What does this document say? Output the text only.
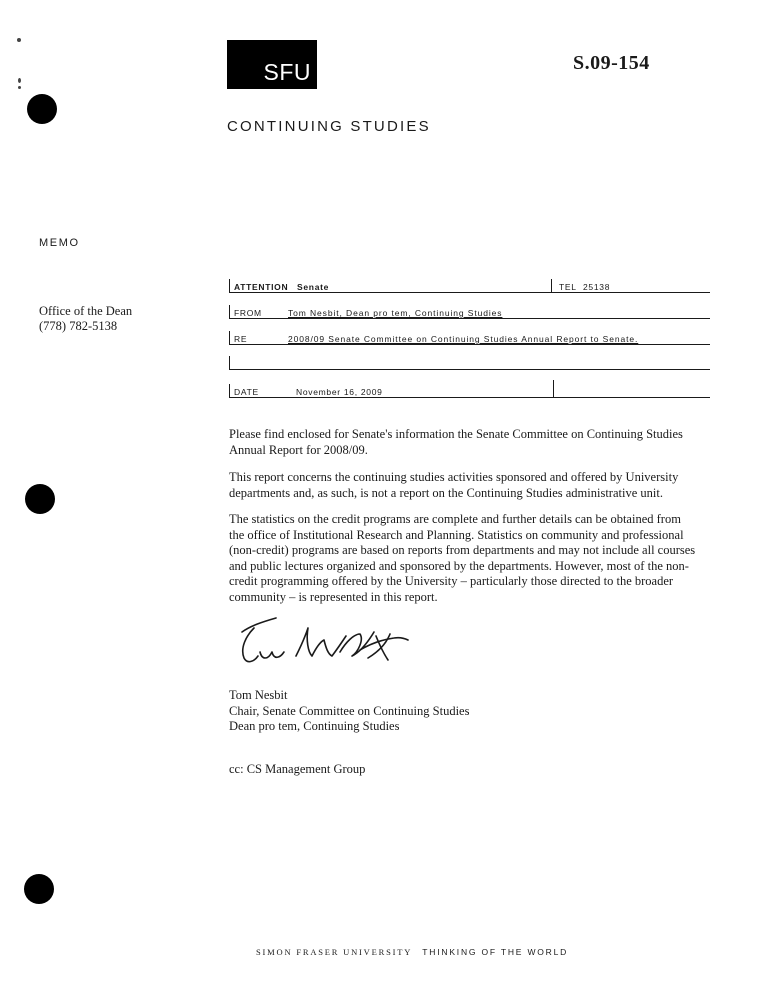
SFU	S.09-154
CONTINUING STUDIES
MEMO
Office of the Dean
(778) 782-5138
ATTENTION Senate	TEL 25138
FROM	Tom Nesbit, Dean pro tem, Continuing Studies
RE	2008/09 Senate Committee on Continuing Studies Annual Report to Senate.
DATE	November 16, 2009
Please find enclosed for Senate's information the Senate Committee on Continuing Studies Annual Report for 2008/09.
This report concerns the continuing studies activities sponsored and offered by University departments and, as such, is not a report on the Continuing Studies administrative unit.
The statistics on the credit programs are complete and further details can be obtained from the office of Institutional Research and Planning. Statistics on community and professional (non-credit) programs are based on reports from departments and may not include all courses and public lectures organized and sponsored by the departments. However, most of the non-credit programming offered by the University – particularly those directed to the broader community – is represented in this report.
Tom Nesbit
Chair, Senate Committee on Continuing Studies
Dean pro tem, Continuing Studies
cc: CS Management Group
SIMON FRASER UNIVERSITY THINKING OF THE WORLD
